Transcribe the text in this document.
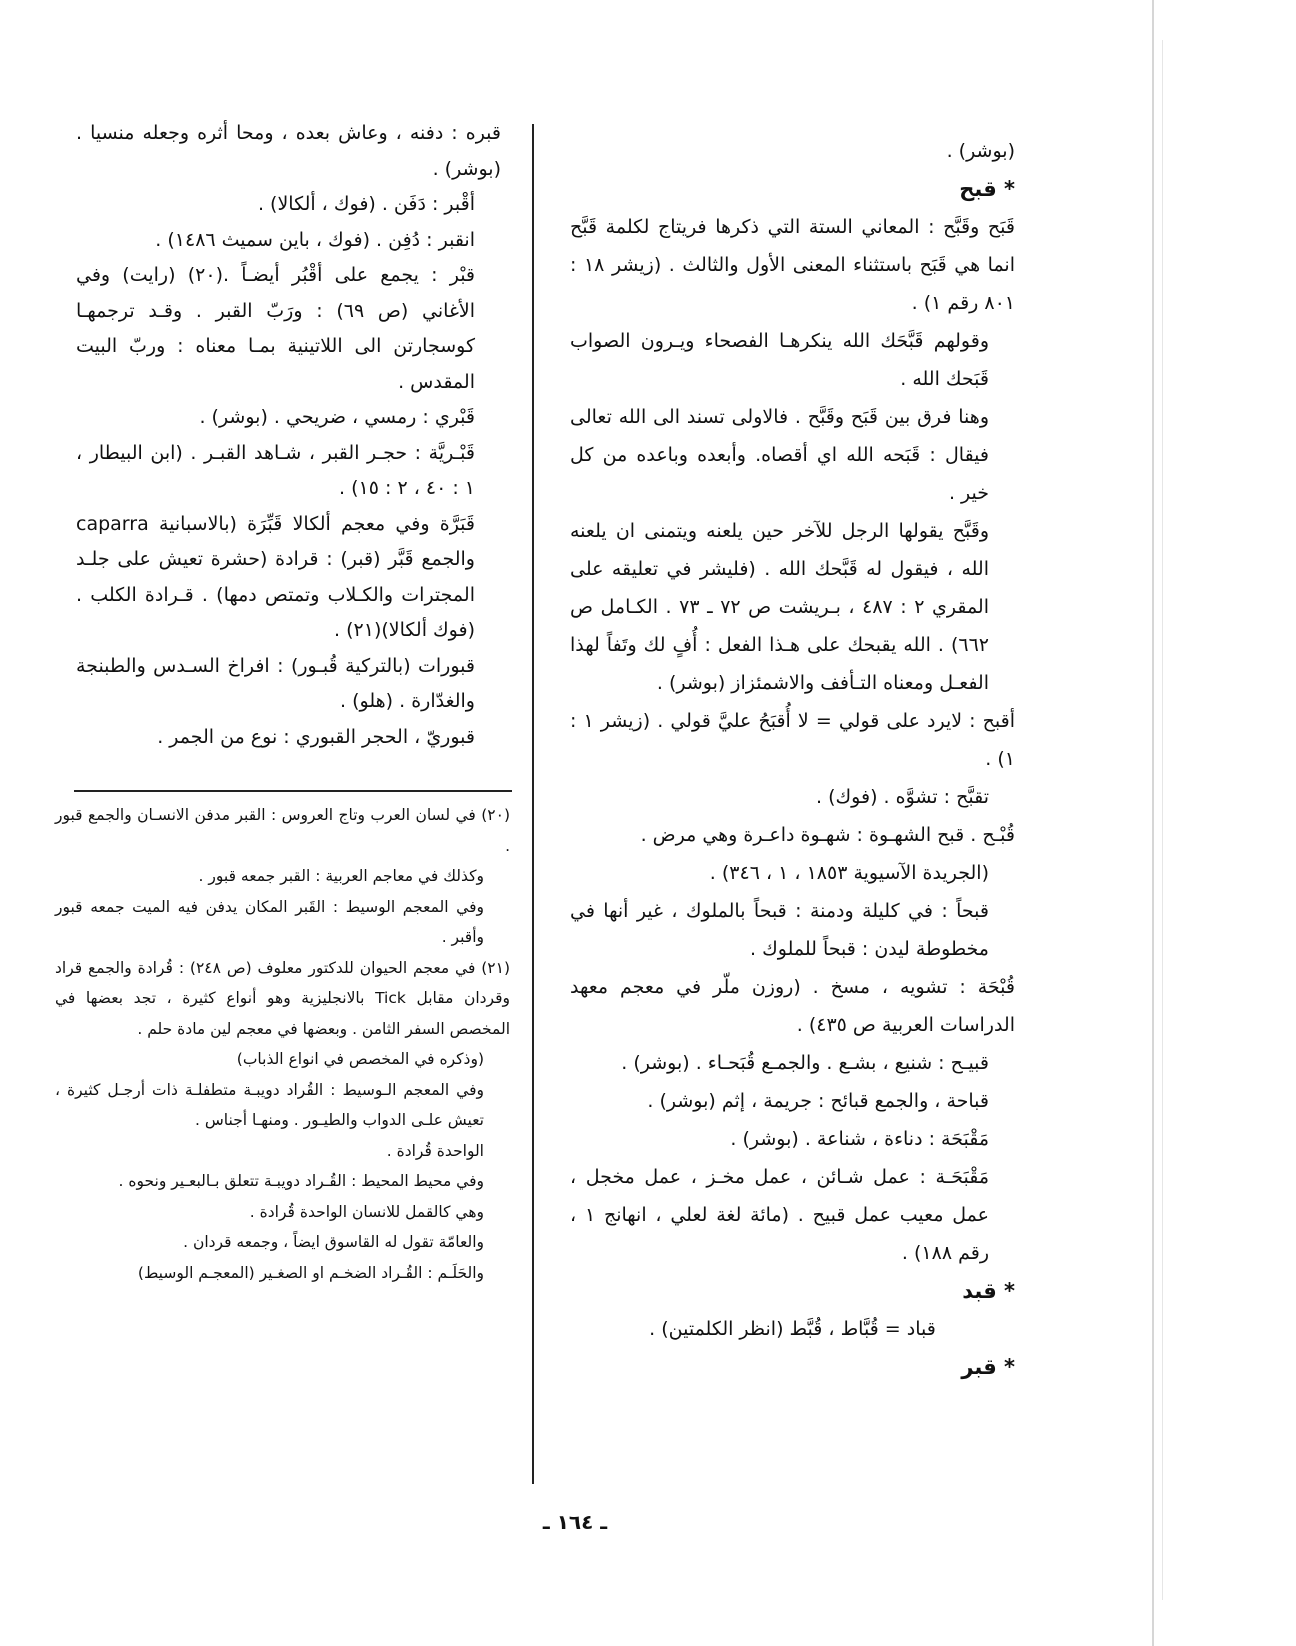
(بوشر) .

* قبح

قَبَح وقَبَّح : المعاني الستة التي ذكرها فريتاج لكلمة قَبَّح انما هي قَبَح باستثناء المعنى الأول والثالث . (زيشر ١٨ : ٨٠١ رقم ١) .

وقولهم قَبَّحَك الله ينكرهـا الفصحاء ويـرون الصواب قَبَحك الله .

وهنا فرق بين قَبَح وقَبَّح . فالاولى تسند الى الله تعالى فيقال : قَبَحه الله اي أقصاه. وأبعده وباعده من كل خير .

وقَبَّح يقولها الرجل للآخر حين يلعنه ويتمنى ان يلعنه الله ، فيقول له قَبَّحك الله . (فليشر في تعليقه على المقري ٢ : ٤٨٧ ، بـريشت ص ٧٢ ـ ٧٣ . الكـامل ص ٦٦٢) . الله يقبحك على هـذا الفعل : أُفٍ لك وتَفاً لهذا الفعـل ومعناه التـأفف والاشمئزاز (بوشر) .

أقبح : لايرد على قولي = لا أُقبَحُ عليَّ قولي . (زيشر ١ : ١) .

تقبَّح : تشوَّه . (فوك) .

قُبْـح . قبح الشهـوة : شهـوة داعـرة وهي مرض .

(الجريدة الآسيوية ١٨٥٣ ، ١ ، ٣٤٦) .

قبحاً : في كليلة ودمنة : قبحاً بالملوك ، غير أنها في مخطوطة ليدن : قبحاً للملوك .

قُبْحَة : تشويه ، مسخ . (روزن ملّر في معجم معهد الدراسات العربية ص ٤٣٥) .

قبيـح : شنيع ، بشـع . والجمـع قُبَحـاء . (بوشر) .

قباحة ، والجمع قبائح : جريمة ، إثم (بوشر) .

مَقْبَحَة : دناءة ، شناعة . (بوشر) .

مَقْبَحَـة : عمل شـائن ، عمل مخـز ، عمل مخجل ، عمل معيب عمل قبيح . (مائة لغة لعلي ، انهانج ١ ، رقم ١٨٨) .

* قبد

قباد = قُبَّاط ، قُبَّط (انظر الكلمتين) .

* قبر

قبره : دفنه ، وعاش بعده ، ومحا أثره وجعله منسيا . (بوشر) .

أقْبر : دَفَن . (فوك ، ألكالا) .

انقبر : دُفِن . (فوك ، باين سميث ١٤٨٦) .

قبْر : يجمع على أقْبُر أيضـاً .(٢٠) (رايت) وفي الأغاني (ص ٦٩) : ورَبّ القبر . وقـد ترجمهـا كوسجارتن الى اللاتينية بمـا معناه : وربّ البيت المقدس .

قَبْري : رمسي ، ضريحي . (بوشر) .

قَبْـريَّة : حجـر القبر ، شـاهد القبـر . (ابن البيطار ، ١ : ٤٠ ، ٢ : ١٥) .

قَبَرَّة وفي معجم ألكالا قَبِّرَة (بالاسبانية caparra والجمع قَبَّر (قبر) : قرادة (حشرة تعيش على جلـد المجترات والكـلاب وتمتص دمها) . قـرادة الكلب . (فوك ألكالا)(٢١) .

قبورات (بالتركية قُبـور) : افراخ السـدس والطبنجة والغدّارة . (هلو) .

قبوريّ ، الحجر القبوري : نوع من الجمر .

(٢٠) في لسان العرب وتاج العروس : القبر مدفن الانسـان والجمع قبور .

وكذلك في معاجم العربية : القبر جمعه قبور .

وفي المعجم الوسيط : القَبر المكان يدفن فيه الميت جمعه قبور وأقبر .

(٢١) في معجم الحيوان للدكتور معلوف (ص ٢٤٨) : قُرادة والجمع قراد وقردان مقابل Tick بالانجليزية وهو أنواع كثيرة ، تجد بعضها في المخصص السفر الثامن . وبعضها في معجم لين مادة حلم .

(وذكره في المخصص في انواع الذباب)

وفي المعجم الـوسيط : القُراد دويبـة متطفلـة ذات أرجـل كثيرة ، تعيش علـى الدواب والطيـور . ومنهـا أجناس .

الواحدة قُرادة .

وفي محيط المحيط : القُـراد دويبـة تتعلق بـالبعـير ونحوه .

وهي كالقمل للانسان الواحدة قُرادة .

والعامّة تقول له القاسوق ايضاً ، وجمعه قردان .

والحَلَـم : القُـراد الضخـم او الصغـير (المعجـم الوسيط)

ـ ١٦٤ ـ
